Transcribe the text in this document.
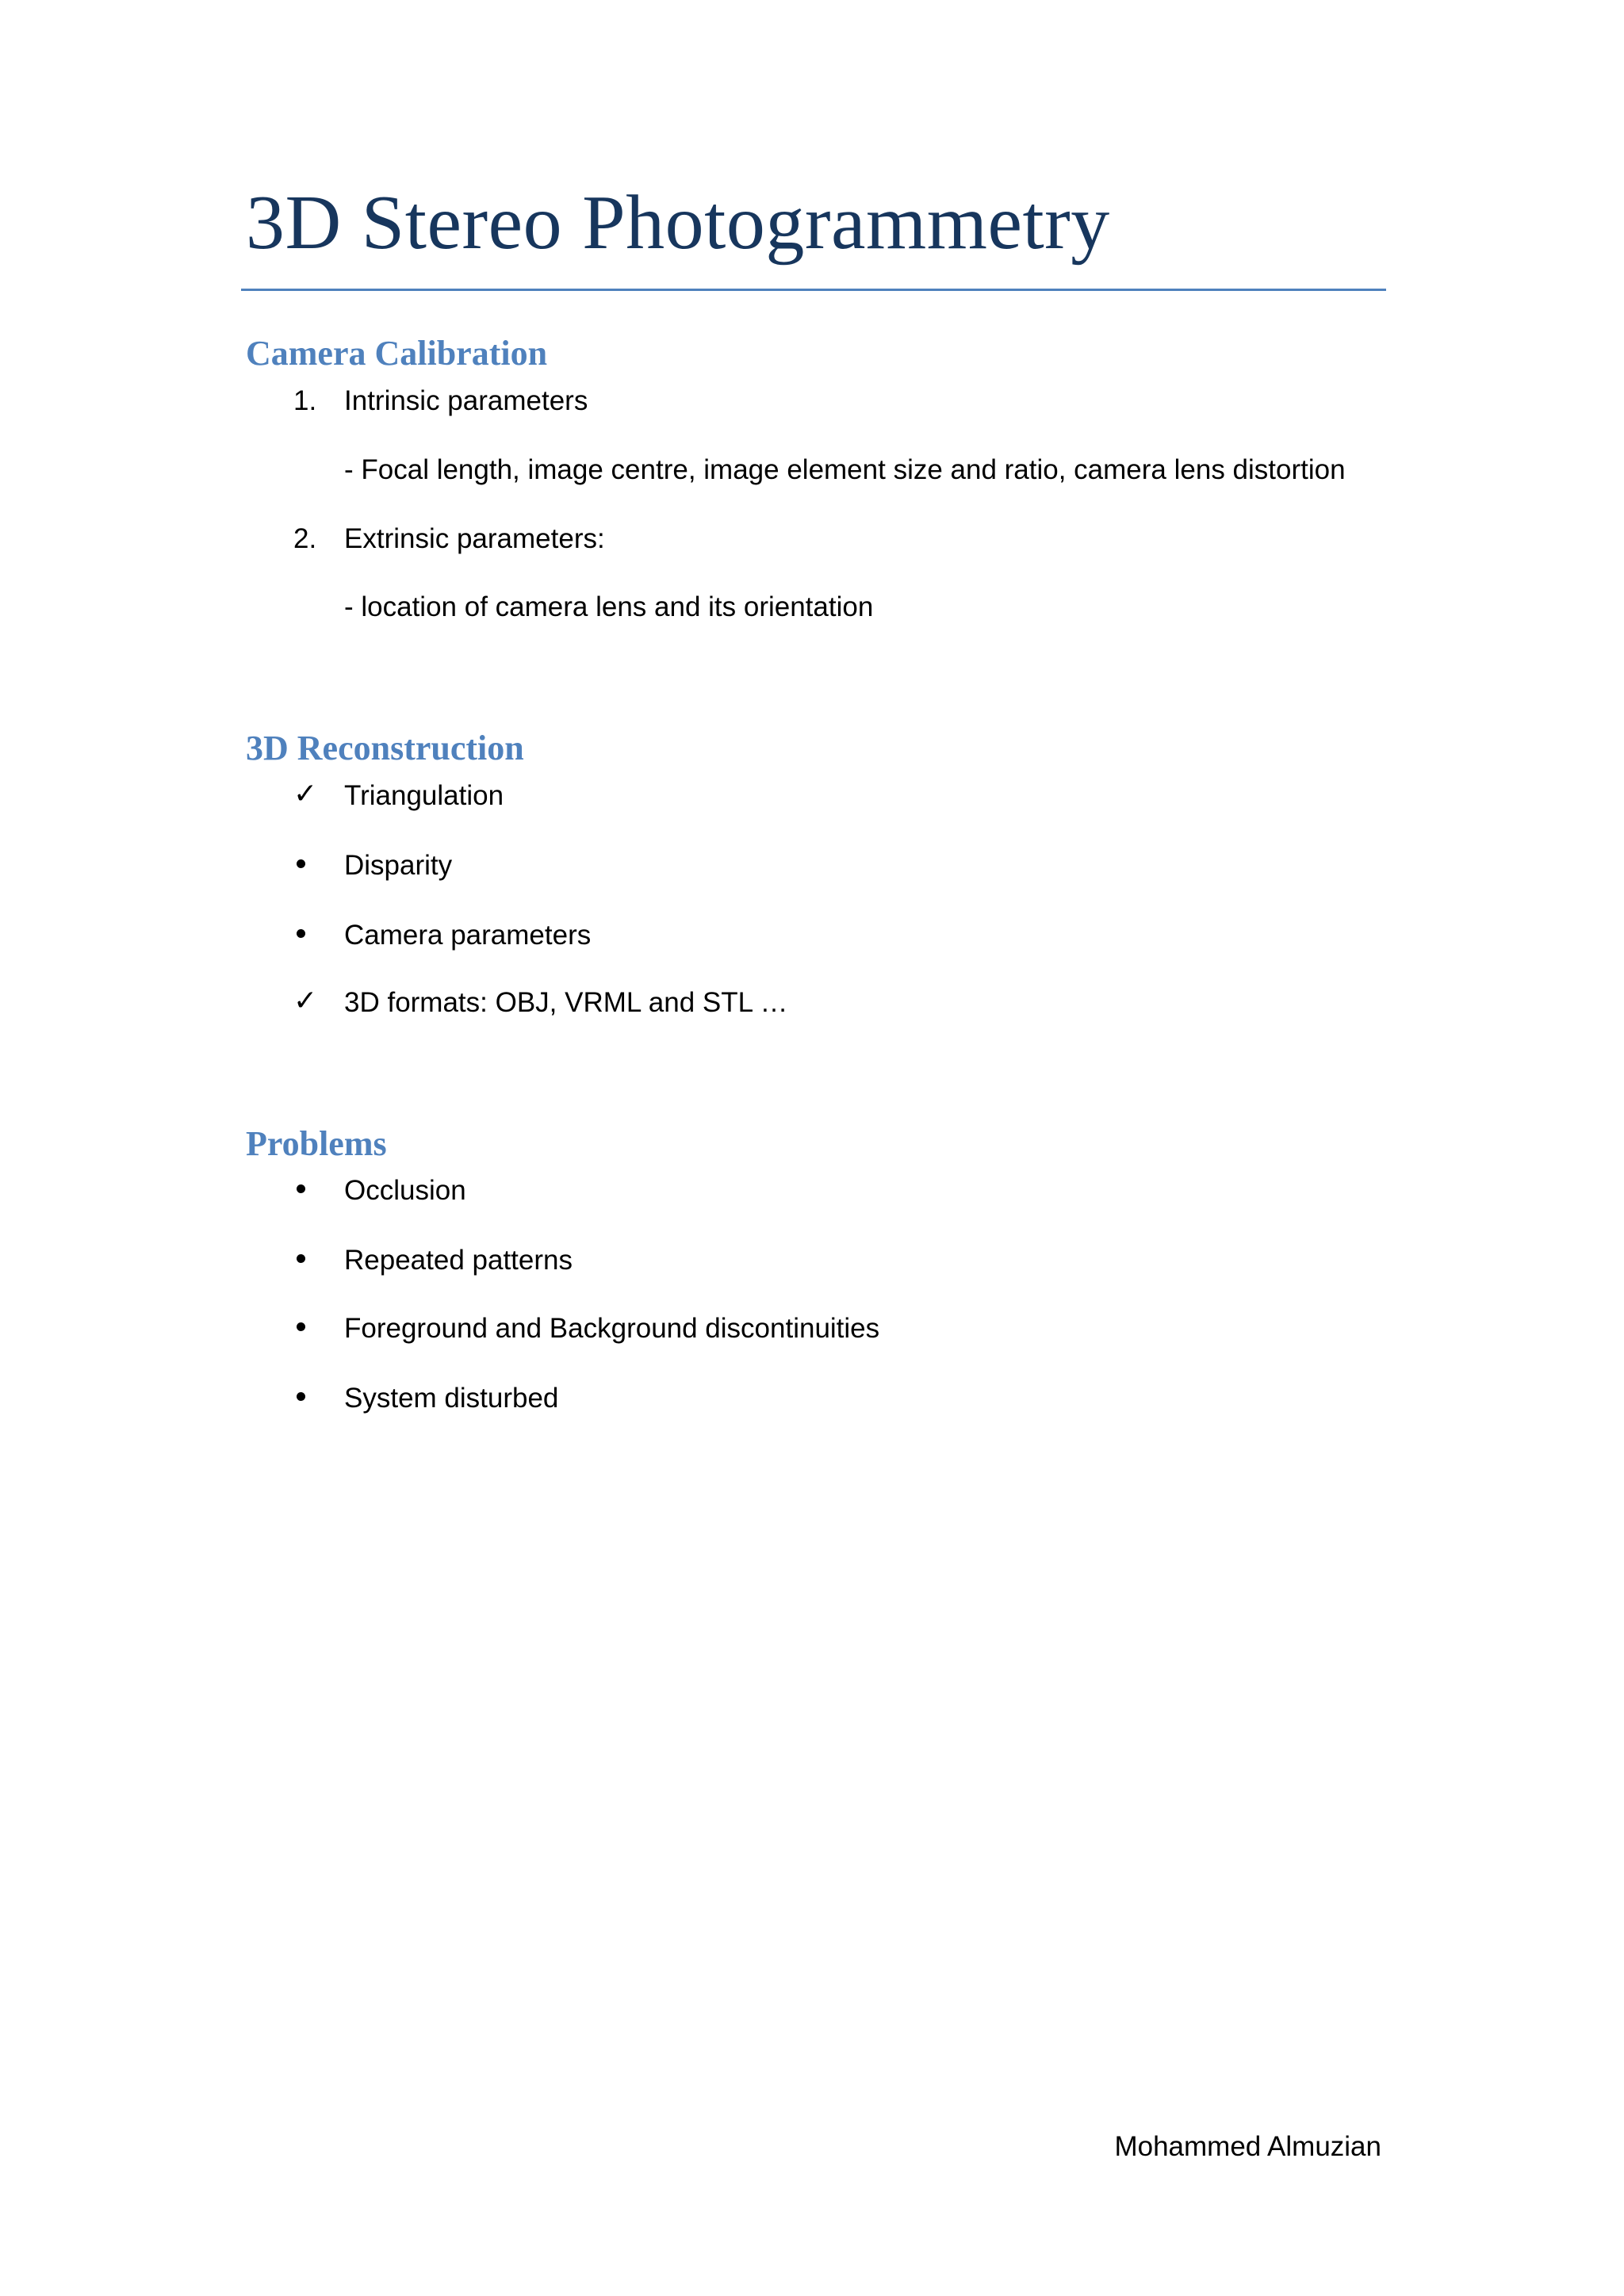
3D Stereo Photogrammetry
Camera Calibration
1. Intrinsic parameters
- Focal length, image centre, image element size and ratio, camera lens distortion
2. Extrinsic parameters:
- location of camera lens and its orientation
3D Reconstruction
✓ Triangulation
Disparity
Camera parameters
✓ 3D formats: OBJ, VRML and STL …
Problems
Occlusion
Repeated patterns
Foreground and Background discontinuities
System disturbed
Mohammed Almuzian
